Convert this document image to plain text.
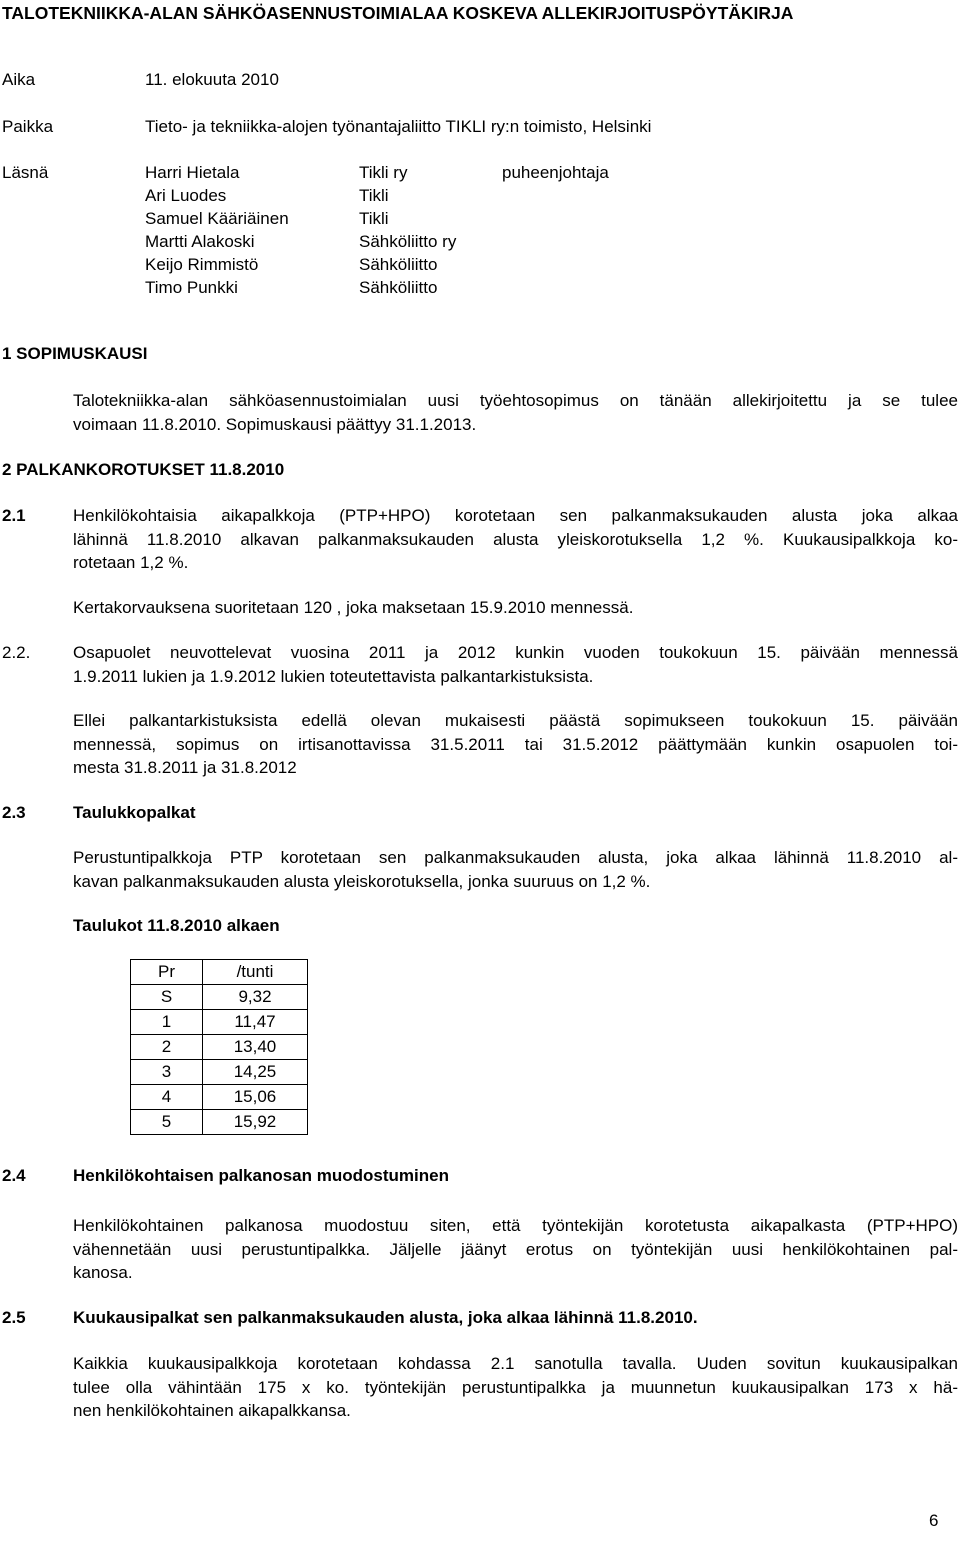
TALOTEKNIIKKA-ALAN SÄHKÖASENNUSTOIMIALAA KOSKEVA ALLEKIRJOITUSPÖYTÄKIRJA
Aika	11. elokuuta 2010
Paikka	Tieto- ja tekniikka-alojen työnantajaliitto TIKLI ry:n toimisto, Helsinki
Läsnä	Harri Hietala	Tikli ry	puheenjohtaja
Ari Luodes	Tikli
Samuel Kääriäinen	Tikli
Martti Alakoski	Sähköliitto ry
Keijo Rimmistö	Sähköliitto
Timo Punkki	Sähköliitto
1 SOPIMUSKAUSI
Talotekniikka-alan sähköasennustoimialan uusi työehtosopimus on tänään allekirjoitettu ja se tulee
voimaan 11.8.2010. Sopimuskausi päättyy 31.1.2013.
2 PALKANKOROTUKSET 11.8.2010
2.1	Henkilökohtaisia aikapalkkoja (PTP+HPO) korotetaan sen palkanmaksukauden alusta joka alkaa
lähinnä 11.8.2010 alkavan palkanmaksukauden alusta yleiskorotuksella 1,2 %. Kuukausipalkkoja ko-
rotetaan 1,2 %.
Kertakorvauksena suoritetaan 120 , joka maksetaan 15.9.2010 mennessä.
2.2.	Osapuolet neuvottelevat vuosina 2011 ja 2012 kunkin vuoden toukokuun 15. päivään mennessä
1.9.2011 lukien ja 1.9.2012 lukien toteutettavista palkantarkistuksista.
Ellei palkantarkistuksista edellä olevan mukaisesti päästä sopimukseen toukokuun 15. päivään
mennessä, sopimus on irtisanottavissa 31.5.2011 tai 31.5.2012 päättymään kunkin osapuolen toi-
mesta 31.8.2011 ja 31.8.2012
2.3	Taulukkopalkat
Perustuntipalkkoja PTP korotetaan sen palkanmaksukauden alusta, joka alkaa lähinnä 11.8.2010 al-
kavan palkanmaksukauden alusta yleiskorotuksella, jonka suuruus on 1,2 %.
Taulukot 11.8.2010 alkaen
Pr	/tunti
S	9,32
1	11,47
2	13,40
3	14,25
4	15,06
5	15,92
2.4	Henkilökohtaisen palkanosan muodostuminen
Henkilökohtainen palkanosa muodostuu siten, että työntekijän korotetusta aikapalkasta (PTP+HPO)
vähennetään uusi perustuntipalkka. Jäljelle jäänyt erotus on työntekijän uusi henkilökohtainen pal-
kanosa.
2.5	Kuukausipalkat sen palkanmaksukauden alusta, joka alkaa lähinnä 11.8.2010.
Kaikkia kuukausipalkkoja korotetaan kohdassa 2.1 sanotulla tavalla. Uuden sovitun kuukausipalkan
tulee olla vähintään 175 x ko. työntekijän perustuntipalkka ja muunnetun kuukausipalkan 173 x hä-
nen henkilökohtainen aikapalkkansa.
6
